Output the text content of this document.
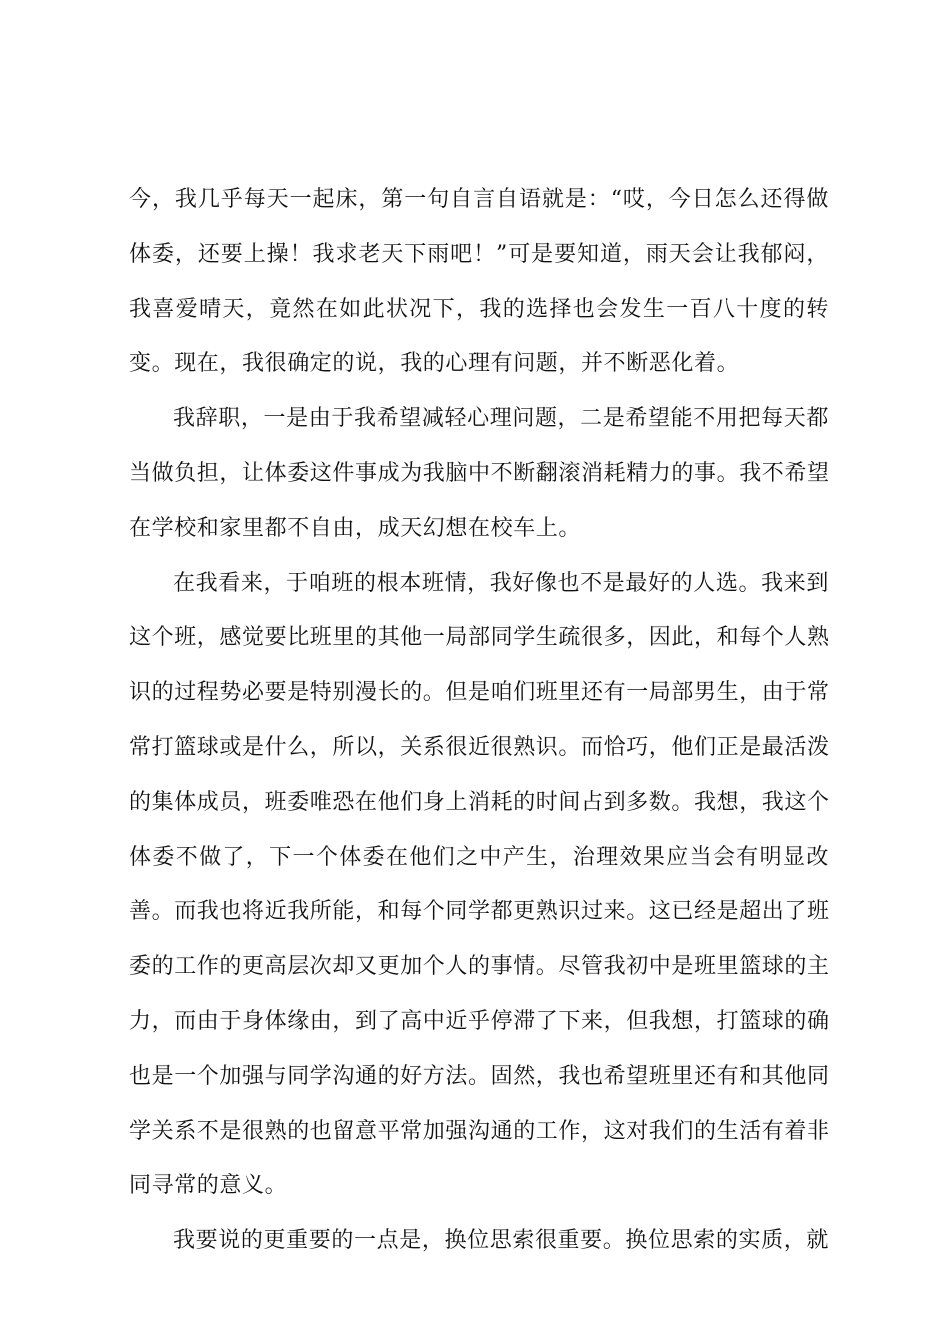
今，我几乎每天一起床，第一句自言自语就是：“哎，今日怎么还得做
体委，还要上操！我求老天下雨吧！”可是要知道，雨天会让我郁闷，
我喜爱晴天，竟然在如此状况下，我的选择也会发生一百八十度的转
变。现在，我很确定的说，我的心理有问题，并不断恶化着。
我辞职，一是由于我希望减轻心理问题，二是希望能不用把每天都
当做负担，让体委这件事成为我脑中不断翻滚消耗精力的事。我不希望
在学校和家里都不自由，成天幻想在校车上。
在我看来，于咱班的根本班情，我好像也不是最好的人选。我来到
这个班，感觉要比班里的其他一局部同学生疏很多，因此，和每个人熟
识的过程势必要是特别漫长的。但是咱们班里还有一局部男生，由于常
常打篮球或是什么，所以，关系很近很熟识。而恰巧，他们正是最活泼
的集体成员，班委唯恐在他们身上消耗的时间占到多数。我想，我这个
体委不做了，下一个体委在他们之中产生，治理效果应当会有明显改
善。而我也将近我所能，和每个同学都更熟识过来。这已经是超出了班
委的工作的更高层次却又更加个人的事情。尽管我初中是班里篮球的主
力，而由于身体缘由，到了高中近乎停滞了下来，但我想，打篮球的确
也是一个加强与同学沟通的好方法。固然，我也希望班里还有和其他同
学关系不是很熟的也留意平常加强沟通的工作，这对我们的生活有着非
同寻常的意义。
我要说的更重要的一点是，换位思索很重要。换位思索的实质，就
